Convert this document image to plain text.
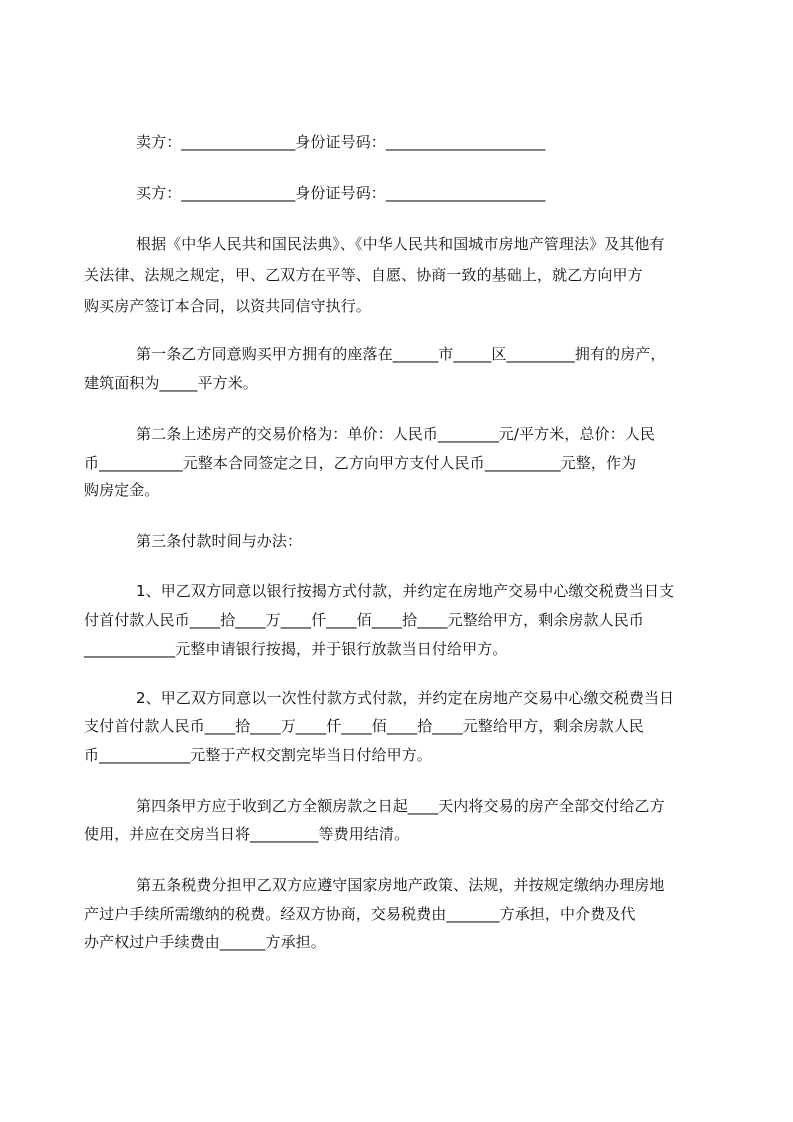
卖方：_______________身份证号码：_____________________
买方：_______________身份证号码：_____________________
根据《中华人民共和国民法典》、《中华人民共和国城市房地产管理法》及其他有
关法律、法规之规定，甲、乙双方在平等、自愿、协商一致的基础上，就乙方向甲方
购买房产签订本合同，以资共同信守执行。
第一条乙方同意购买甲方拥有的座落在______市_____区_________拥有的房产，
建筑面积为_____平方米。
第二条上述房产的交易价格为：单价：人民币________元/平方米，总价：人民
币___________元整本合同签定之日，乙方向甲方支付人民币__________元整，作为
购房定金。
第三条付款时间与办法：
1、甲乙双方同意以银行按揭方式付款，并约定在房地产交易中心缴交税费当日支
付首付款人民币____拾____万____仟____佰____拾____元整给甲方，剩余房款人民币
____________元整申请银行按揭，并于银行放款当日付给甲方。
2、甲乙双方同意以一次性付款方式付款，并约定在房地产交易中心缴交税费当日
支付首付款人民币____拾____万____仟____佰____拾____元整给甲方，剩余房款人民
币____________元整于产权交割完毕当日付给甲方。
第四条甲方应于收到乙方全额房款之日起____天内将交易的房产全部交付给乙方
使用，并应在交房当日将_________等费用结清。
第五条税费分担甲乙双方应遵守国家房地产政策、法规，并按规定缴纳办理房地
产过户手续所需缴纳的税费。经双方协商，交易税费由_______方承担，中介费及代
办产权过户手续费由______方承担。
